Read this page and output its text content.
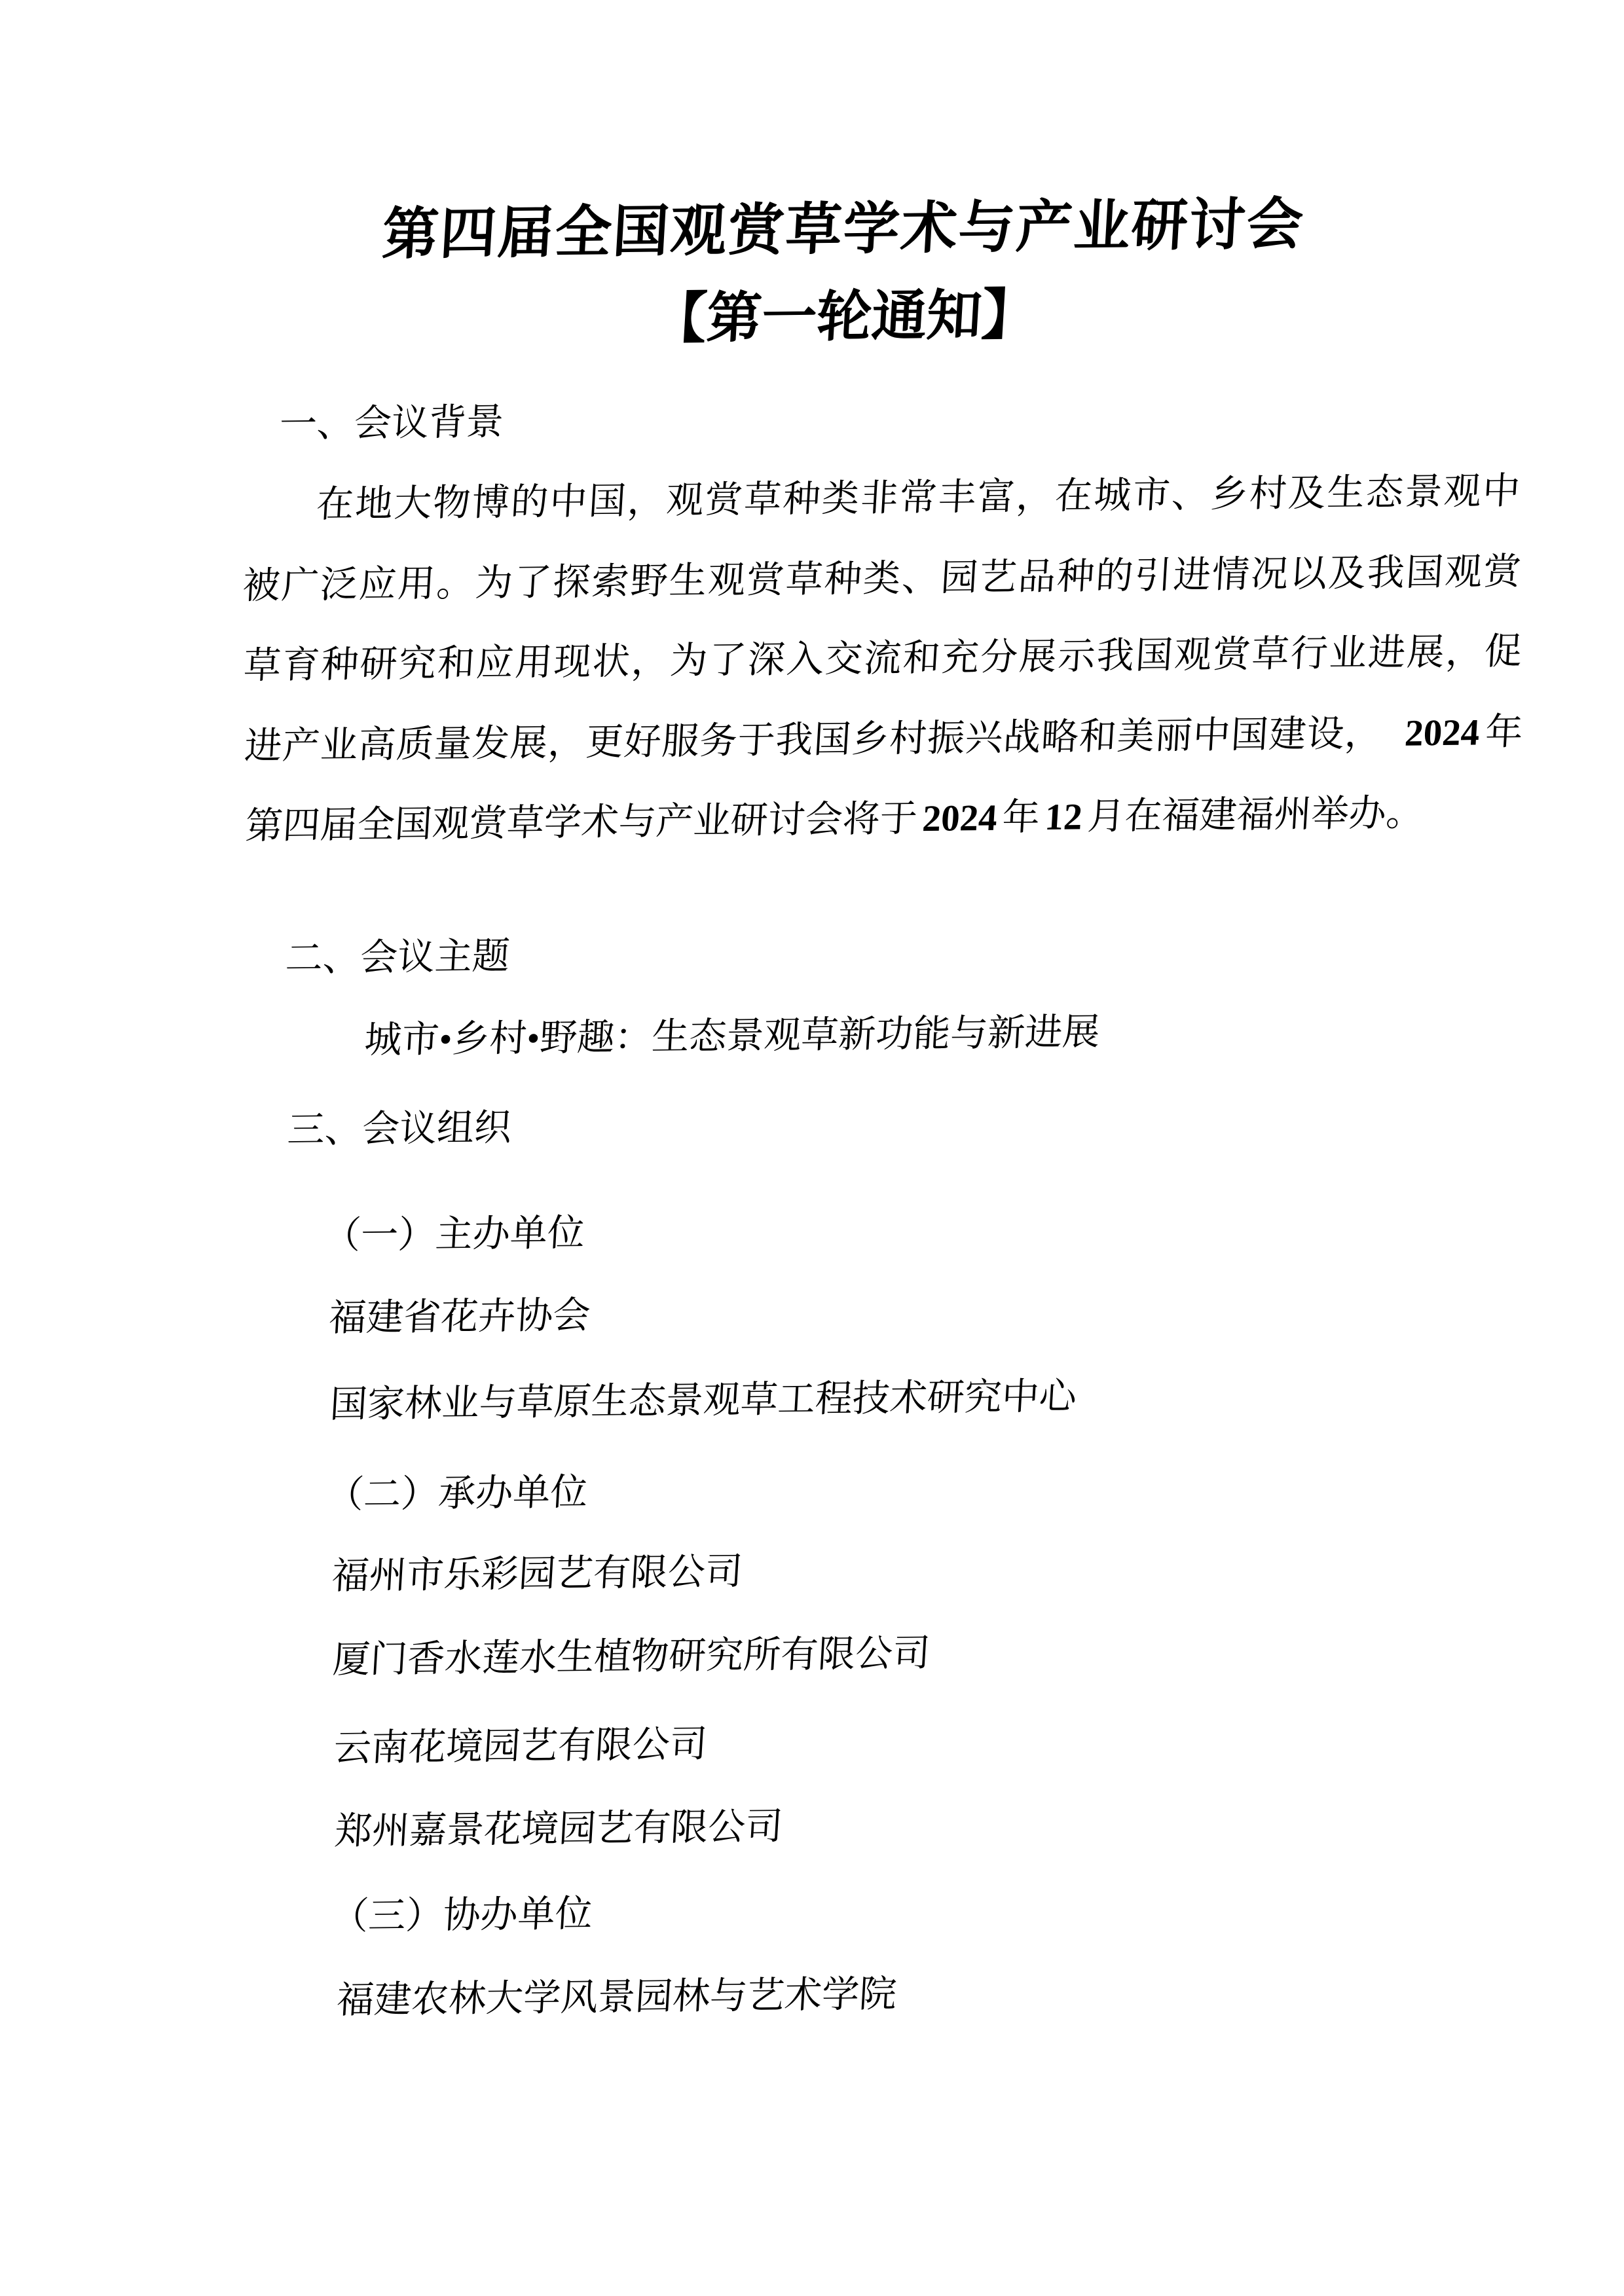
第四届全国观赏草学术与产业研讨会
【第一轮通知】
一、会议背景
在地大物博的中国，观赏草种类非常丰富，在城市、乡村及生态景观中
被广泛应用。为了探索野生观赏草种类、园艺品种的引进情况以及我国观赏
草育种研究和应用现状，为了深入交流和充分展示我国观赏草行业进展，促
进产业高质量发展，更好服务于我国乡村振兴战略和美丽中国建设， 2024年
第四届全国观赏草学术与产业研讨会将于2024年12月在福建福州举办。
二、会议主题
城市•乡村•野趣：生态景观草新功能与新进展
三、会议组织
（一）主办单位
福建省花卉协会
国家林业与草原生态景观草工程技术研究中心
（二）承办单位
福州市乐彩园艺有限公司
厦门香水莲水生植物研究所有限公司
云南花境园艺有限公司
郑州嘉景花境园艺有限公司
（三）协办单位
福建农林大学风景园林与艺术学院
